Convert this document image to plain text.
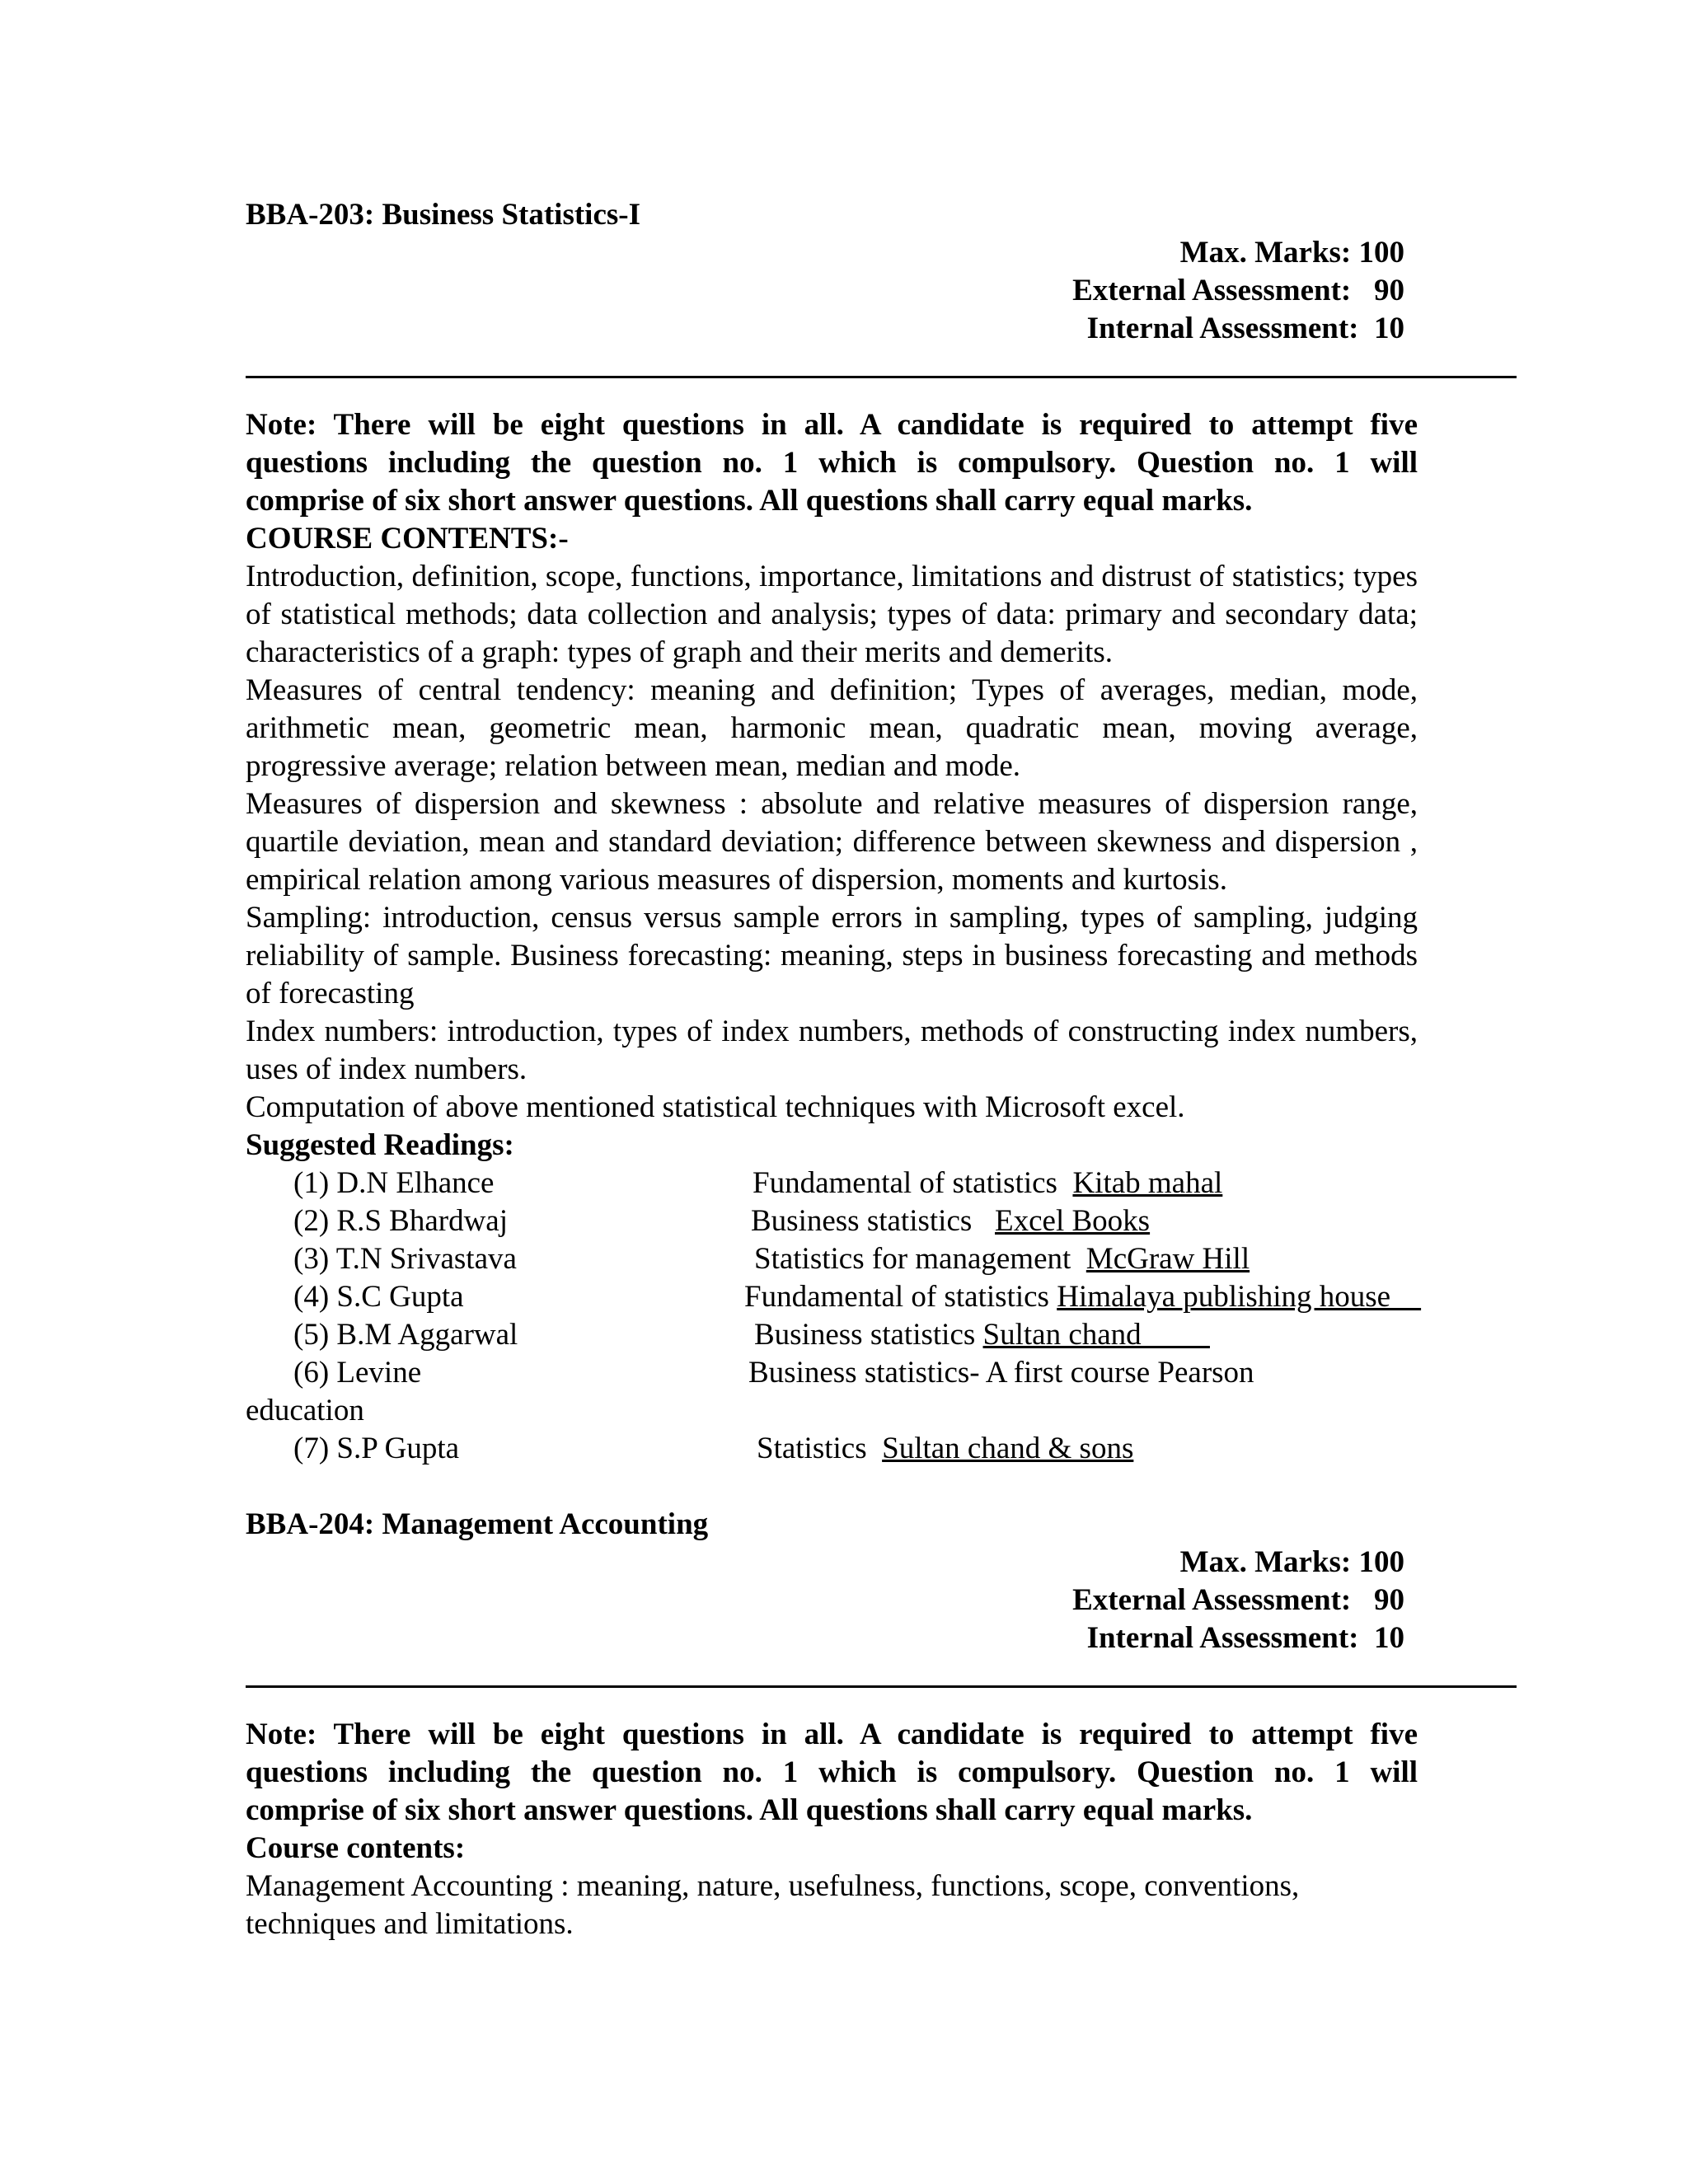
BBA-203: Business Statistics-I
Max. Marks: 100
External Assessment:   90
Internal Assessment:  10
Note: There will be eight questions in all. A candidate is required to attempt five
questions including the question no. 1 which is compulsory. Question no. 1 will
comprise of six short answer questions. All questions shall carry equal marks.
COURSE CONTENTS:-

Introduction, definition, scope, functions, importance, limitations and distrust of statistics; types of statistical methods; data collection and analysis; types of data: primary and secondary data; characteristics of a graph: types of graph and their merits and demerits.

Measures of central tendency: meaning and definition; Types of averages, median, mode, arithmetic mean, geometric mean, harmonic mean, quadratic mean, moving average, progressive average; relation between mean, median and mode.

Measures of dispersion and skewness : absolute and relative measures of dispersion range, quartile deviation, mean and standard deviation; difference between skewness and dispersion , empirical relation among various measures of dispersion, moments and kurtosis.

Sampling: introduction, census versus sample errors in sampling, types of sampling, judging reliability of sample. Business forecasting: meaning, steps in business forecasting and methods of forecasting

Index numbers: introduction, types of index numbers, methods of constructing index numbers, uses of index numbers.

Computation of above mentioned statistical techniques with Microsoft excel.

Suggested Readings:
(1) D.N Elhance	Fundamental of statistics  Kitab mahal
(2) R.S Bhardwaj	Business statistics   Excel Books
(3) T.N Srivastava	Statistics for management  McGraw Hill
(4) S.C Gupta	Fundamental of statistics Himalaya publishing house
(5) B.M Aggarwal	Business statistics Sultan chand
(6) Levine	Business statistics- A first course Pearson
education
(7) S.P Gupta	Statistics  Sultan chand & sons
BBA-204: Management Accounting
Max. Marks: 100
External Assessment:   90
Internal Assessment:  10
Note: There will be eight questions in all. A candidate is required to attempt five
questions including the question no. 1 which is compulsory. Question no. 1 will
comprise of six short answer questions. All questions shall carry equal marks.
Course contents:

Management Accounting : meaning, nature, usefulness, functions, scope, conventions, techniques and limitations.
